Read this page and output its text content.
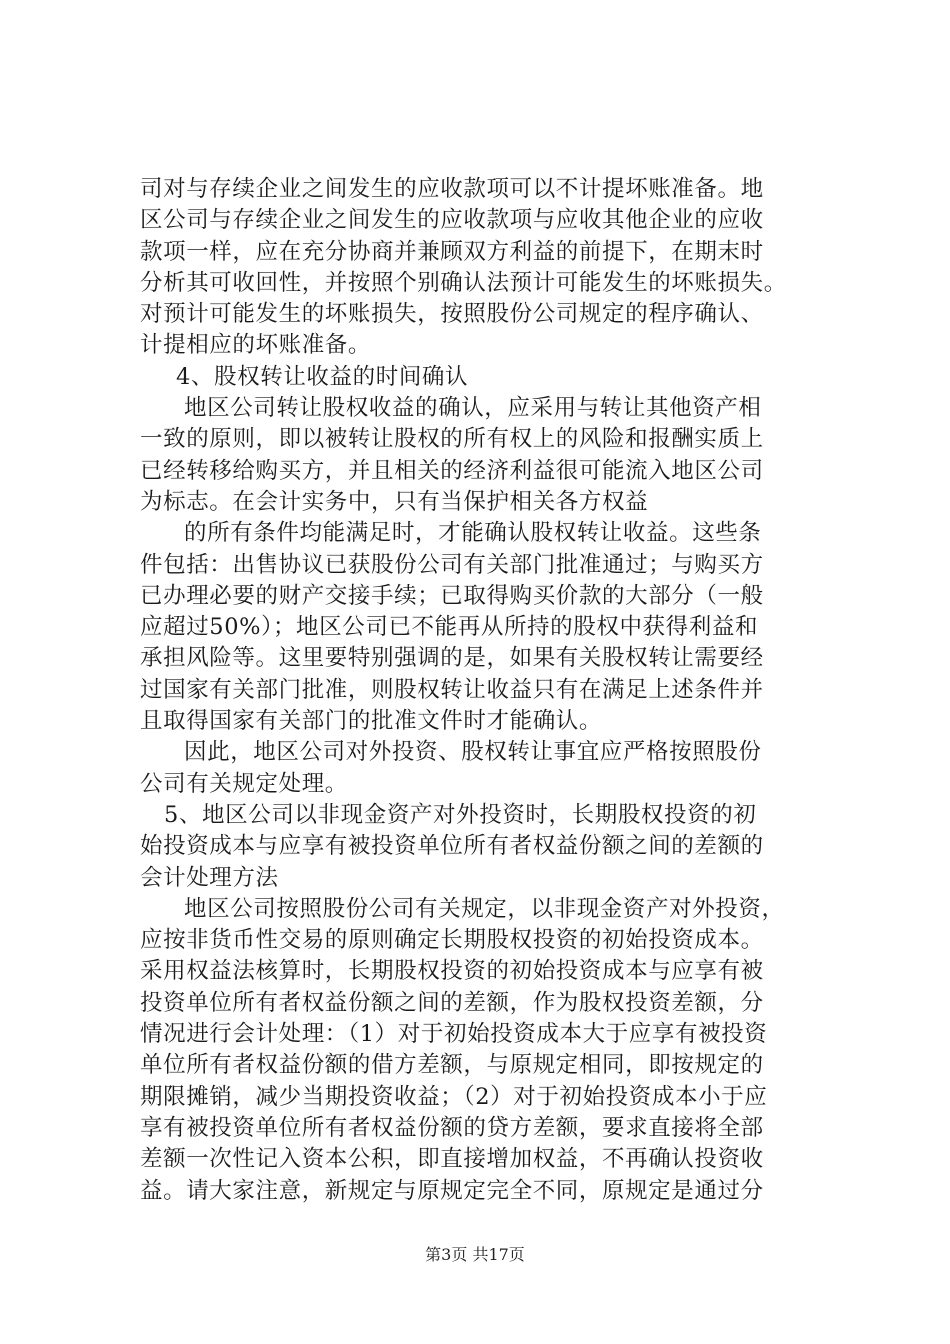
司对与存续企业之间发生的应收款项可以不计提坏账准备。地
区公司与存续企业之间发生的应收款项与应收其他企业的应收
款项一样，应在充分协商并兼顾双方利益的前提下，在期末时
分析其可收回性，并按照个别确认法预计可能发生的坏账损失。
对预计可能发生的坏账损失，按照股份公司规定的程序确认、
计提相应的坏账准备。
4、股权转让收益的时间确认
地区公司转让股权收益的确认，应采用与转让其他资产相
一致的原则，即以被转让股权的所有权上的风险和报酬实质上
已经转移给购买方，并且相关的经济利益很可能流入地区公司
为标志。在会计实务中，只有当保护相关各方权益
的所有条件均能满足时，才能确认股权转让收益。这些条
件包括：出售协议已获股份公司有关部门批准通过；与购买方
已办理必要的财产交接手续；已取得购买价款的大部分（一般
应超过50%）；地区公司已不能再从所持的股权中获得利益和
承担风险等。这里要特别强调的是，如果有关股权转让需要经
过国家有关部门批准，则股权转让收益只有在满足上述条件并
且取得国家有关部门的批准文件时才能确认。
因此，地区公司对外投资、股权转让事宜应严格按照股份
公司有关规定处理。
5、地区公司以非现金资产对外投资时，长期股权投资的初
始投资成本与应享有被投资单位所有者权益份额之间的差额的
会计处理方法
地区公司按照股份公司有关规定，以非现金资产对外投资，
应按非货币性交易的原则确定长期股权投资的初始投资成本。
采用权益法核算时，长期股权投资的初始投资成本与应享有被
投资单位所有者权益份额之间的差额，作为股权投资差额，分
情况进行会计处理：（1）对于初始投资成本大于应享有被投资
单位所有者权益份额的借方差额，与原规定相同，即按规定的
期限摊销，减少当期投资收益；（2）对于初始投资成本小于应
享有被投资单位所有者权益份额的贷方差额，要求直接将全部
差额一次性记入资本公积，即直接增加权益，不再确认投资收
益。请大家注意，新规定与原规定完全不同，原规定是通过分
第3页 共17页
